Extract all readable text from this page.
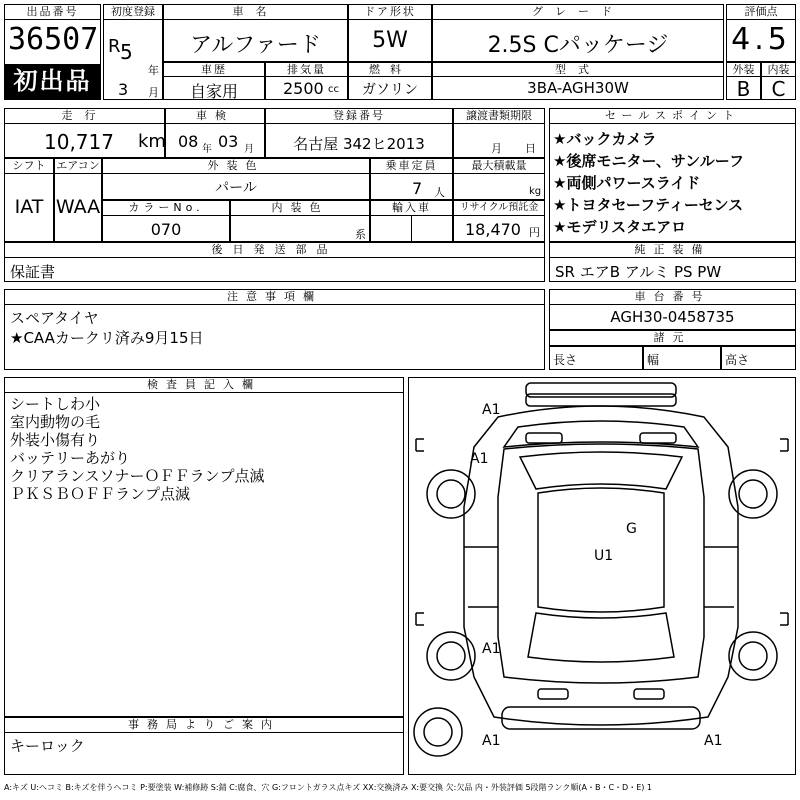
出品番号
36507
初出品
初度登録
R 5
年
3 月
車名
アルファード
ドア形状
5W
グレード
2.5S Cパッケージ
車歴
自家用
排気量
2500 cc
燃料
ガソリン
型式
3BA-AGH30W
評価点
4.5
外装
B
内装
C
走行
10,717 km
車検
08 年 03 月
登録番号
名古屋 342ヒ2013
譲渡書類期限
月 日
シフト
IAT
エアコン
WAA
外装色
パール
乗車定員
7 人
最大積載量
kg
カラーNo.
070
内装色
系
輸入車	リサイクル預託金
18,470 円
後日発送部品
保証書
セールスポイント
★バックカメラ
★後席モニター、サンルーフ
★両側パワースライド
★トヨタセーフティーセンス
★モデリスタエアロ
純正装備
SR エアB アルミ PS PW
注意事項欄
スペアタイヤ
★CAAカークリ済み9月15日
車台番号
AGH30-0458735
諸元
長さ	幅	高さ
検査員記入欄
シートしわ小
室内動物の毛
外装小傷有り
バッテリーあがり
クリアランスソナーＯＦＦランプ点滅
ＰＫＳＢＯＦＦランプ点滅
事務局よりご案内
キーロック
A1
A1
G
U1
A1
A1	A1
A:キズ U:ヘコミ B:キズを伴うヘコミ P:要塗装 W:補修跡 S:錆 C:腐食、穴 G:フロントガラス点キズ XX:交換済み X:要交換 欠:欠品 内・外装評価 5段階ランク順(A・B・C・D・E) 1
